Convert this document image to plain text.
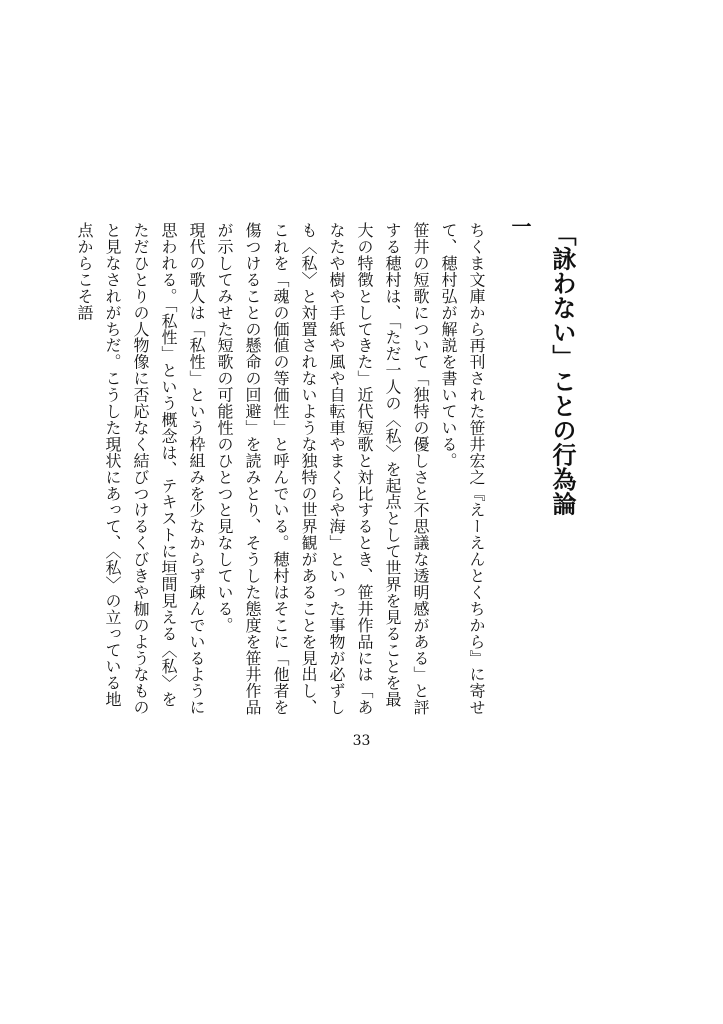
「詠わない」ことの行為論
一

ちくま文庫から再刊された笹井宏之『えーえんとくちから』に寄せて、穂村弘が解説を書いている。

笹井の短歌について「独特の優しさと不思議な透明感がある」と評する穂村は、「ただ一人の〈私〉を起点として世界を見ることを最大の特徴としてきた」近代短歌と対比するとき、笹井作品には「あなたや樹や手紙や風や自転車やまくらや海」といった事物が必ずしも〈私〉と対置されないような独特の世界観があることを見出し、これを「魂の価値の等価性」と呼んでいる。穂村はそこに「他者を傷つけることの懸命の回避」を読みとり、そうした態度を笹井作品が示してみせた短歌の可能性のひとつと見なしている。

現代の歌人は「私性」という枠組みを少なからず疎んでいるように思われる。「私性」という概念は、テキストに垣間見える〈私〉をただひとりの人物像に否応なく結びつけるくびきや枷のようなものと見なされがちだ。こうした現状にあって、〈私〉の立っている地点からこそ語

33
